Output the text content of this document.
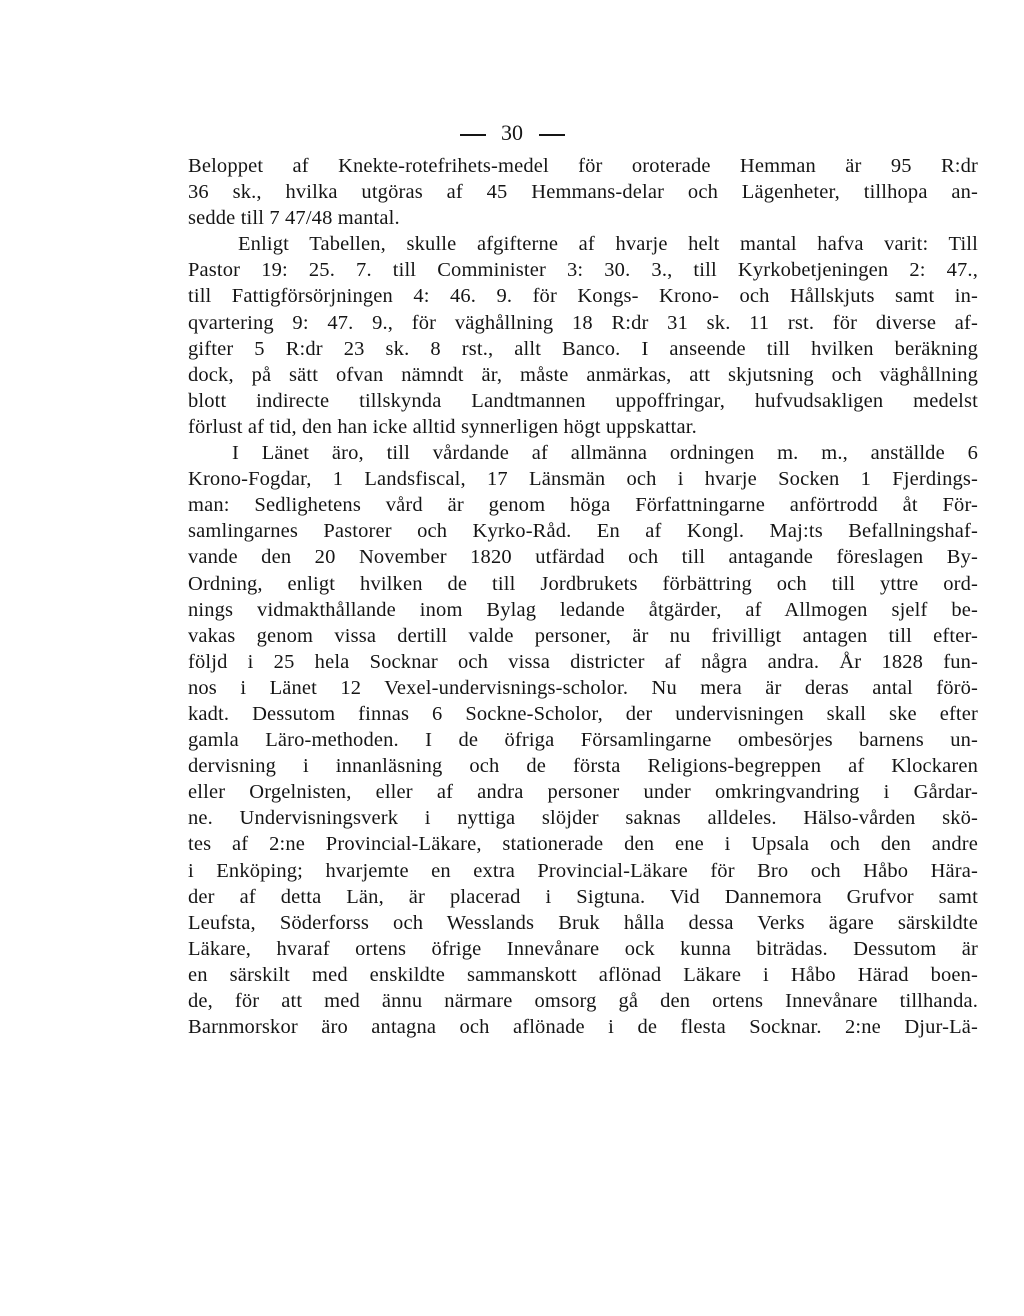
30
Beloppet af Knekte-rotefrihets-medel för oroterade Hemman är 95 R:dr
36 sk., hvilka utgöras af 45 Hemmans-delar och Lägenheter, tillhopa an-
sedde till 7 47/48 mantal.
Enligt Tabellen, skulle afgifterne af hvarje helt mantal hafva varit: Till
Pastor 19: 25. 7. till Comminister 3: 30. 3., till Kyrkobetjeningen 2: 47.,
till Fattigförsörjningen 4: 46. 9. för Kongs- Krono- och Hållskjuts samt in-
qvartering 9: 47. 9., för väghållning 18 R:dr 31 sk. 11 rst. för diverse af-
gifter 5 R:dr 23 sk. 8 rst., allt Banco. I anseende till hvilken beräkning
dock, på sätt ofvan nämndt är, måste anmärkas, att skjutsning och väghållning
blott indirecte tillskynda Landtmannen uppoffringar, hufvudsakligen medelst
förlust af tid, den han icke alltid synnerligen högt uppskattar.
I Länet äro, till vårdande af allmänna ordningen m. m., anställde 6
Krono-Fogdar, 1 Landsfiscal, 17 Länsmän och i hvarje Socken 1 Fjerdings-
man: Sedlighetens vård är genom höga Författningarne anförtrodd åt För-
samlingarnes Pastorer och Kyrko-Råd. En af Kongl. Maj:ts Befallningshaf-
vande den 20 November 1820 utfärdad och till antagande föreslagen By-
Ordning, enligt hvilken de till Jordbrukets förbättring och till yttre ord-
nings vidmakthållande inom Bylag ledande åtgärder, af Allmogen sjelf be-
vakas genom vissa dertill valde personer, är nu frivilligt antagen till efter-
följd i 25 hela Socknar och vissa districter af några andra. År 1828 fun-
nos i Länet 12 Vexel-undervisnings-scholor. Nu mera är deras antal förö-
kadt. Dessutom finnas 6 Sockne-Scholor, der undervisningen skall ske efter
gamla Läro-methoden. I de öfriga Församlingarne ombesörjes barnens un-
dervisning i innanläsning och de första Religions-begreppen af Klockaren
eller Orgelnisten, eller af andra personer under omkringvandring i Gårdar-
ne. Undervisningsverk i nyttiga slöjder saknas alldeles. Hälso-vården skö-
tes af 2:ne Provincial-Läkare, stationerade den ene i Upsala och den andre
i Enköping; hvarjemte en extra Provincial-Läkare för Bro och Håbo Härа-
der af detta Län, är placerad i Sigtuna. Vid Dannemora Grufvor samt
Leufsta, Söderforss och Wesslands Bruk hålla dessa Verks ägare särskildte
Läkare, hvaraf ortens öfrige Innevånare ock kunna biträdas. Dessutom är
en särskilt med enskildte sammanskott aflönad Läkare i Håbo Härad boen-
de, för att med ännu närmare omsorg gå den ortens Innevånare tillhanda.
Barnmorskor äro antagna och aflönade i de flesta Socknar. 2:ne Djur-Lä-
